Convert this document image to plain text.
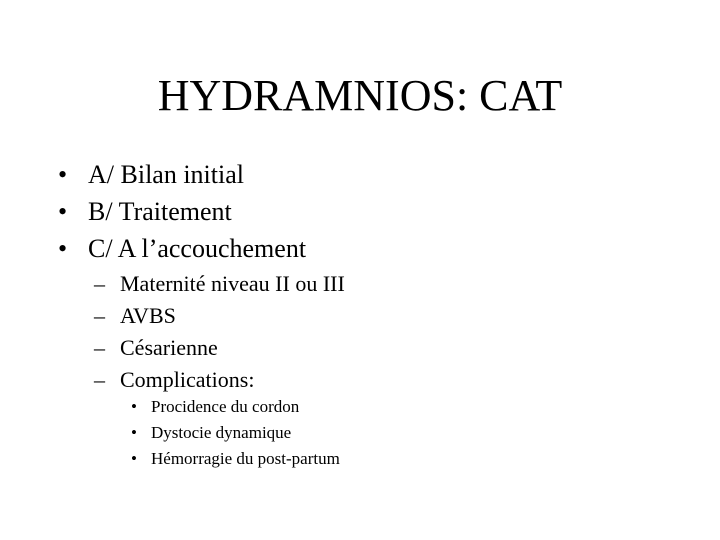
HYDRAMNIOS: CAT
• A/ Bilan initial
• B/ Traitement
• C/ A l’accouchement
– Maternité niveau II ou III
– AVBS
– Césarienne
– Complications:
• Procidence du cordon
• Dystocie dynamique
• Hémorragie du post-partum
